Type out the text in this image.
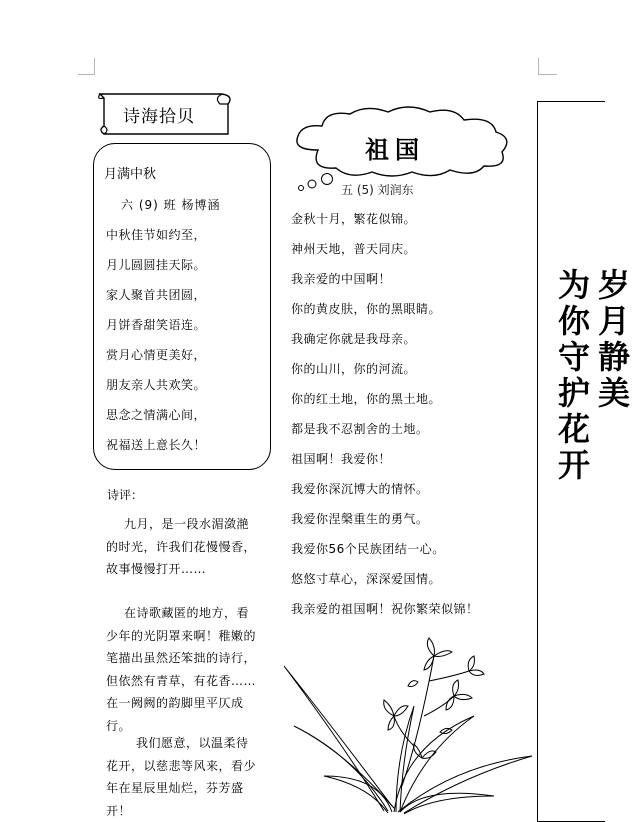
诗海拾贝
月满中秋
六 (9) 班 杨博涵
中秋佳节如约至，
月儿圆圆挂天际。
家人聚首共团圆，
月饼香甜笑语连。
赏月心情更美好，
朋友亲人共欢笑。
思念之情满心间，
祝福送上意长久！
诗评：

九月，是一段水湄潋滟的时光，许我们花慢慢香，故事慢慢打开……

在诗歌藏匿的地方，看少年的光阴罩来啊！稚嫩的笔描出虽然还笨拙的诗行，但依然有青草，有花香……在一阙阙的韵脚里平仄成行。

我们愿意，以温柔待花开，以慈悲等风来，看少年在星辰里灿烂，芬芳盛开！

祖国
五 (5) 刘润东
金秋十月，繁花似锦。
神州天地，普天同庆。
我亲爱的中国啊！
你的黄皮肤，你的黑眼睛。
我确定你就是我母亲。
你的山川，你的河流。
你的红土地，你的黑土地。
都是我不忍割舍的土地。
祖国啊！我爱你！
我爱你深沉博大的情怀。
我爱你涅槃重生的勇气。
我爱你56个民族团结一心。
悠悠寸草心，深深爱国情。
我亲爱的祖国啊！祝你繁荣似锦！
岁月静美
为你守护花开
